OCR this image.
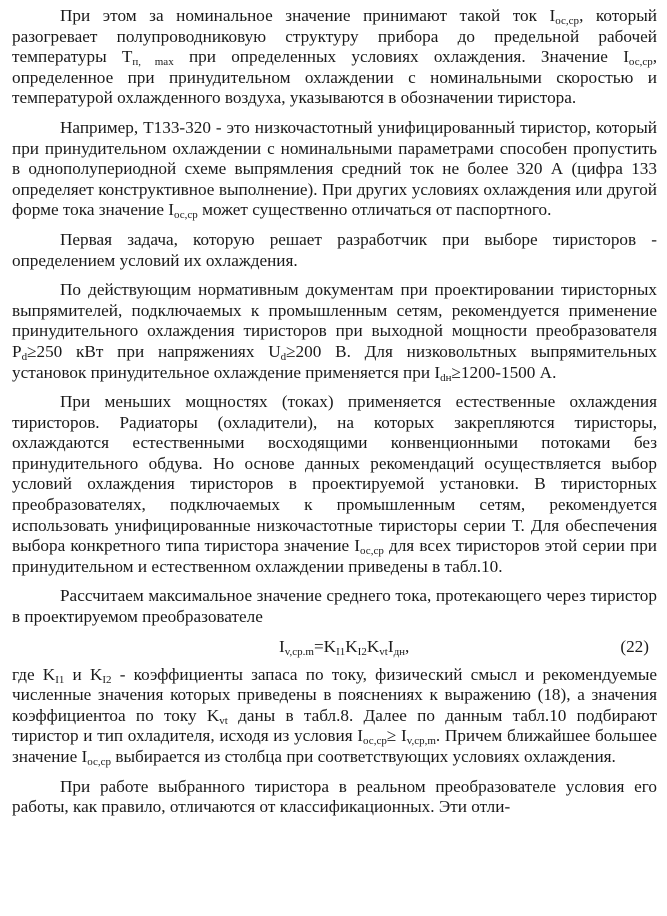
При этом за номинальное значение принимают такой ток $I_{ос,ср}$, который разогревает полупроводниковую структуру прибора до предельной рабочей температуры $Т_{п, max}$ при определенных условиях охлаждения. Значение $I_{ос,ср}$, определенное при принудительном охлаждении с номинальными скоростью и температурой охлажденного воздуха, указываются в обозначении тиристора.

Например, Т133-320 - это низкочастотный унифицированный тиристор, который при принудительном охлаждении с номинальными параметрами способен пропустить в однополупериодной схеме выпрямления средний ток не более 320 А (цифра 133 определяет конструктивное выполнение). При других условиях охлаждения или другой форме тока значение $I_{ос,ср}$ может существенно отличаться от паспортного.

Первая задача, которую решает разработчик при выборе тиристоров - определением условий их охлаждения.

По действующим нормативным документам при проектировании тиристорных выпрямителей, подключаемых к промышленным сетям, рекомендуется применение принудительного охлаждения тиристоров при выходной мощности преобразователя $P_d\ge 250$ кВт при напряжениях $U_d\ge 200$ В. Для низковольтных выпрямительных установок принудительное охлаждение применяется при $I_{dн}\ge 1200-1500$ А.

При меньших мощностях (токах) применяется естественные охлаждения тиристоров. Радиаторы (охладители), на которых закрепляются тиристоры, охлаждаются естественными восходящими конвенционными потоками без принудительного обдува. Но основе данных рекомендаций осуществляется выбор условий охлаждения тиристоров в проектируемой установки. В тиристорных преобразователях, подключаемых к промышленным сетям, рекомендуется использовать унифицированные низкочастотные тиристоры серии Т. Для обеспечения выбора конкретного типа тиристора значение $I_{ос,ср}$ для всех тиристоров этой серии при принудительном и естественном охлаждении приведены в табл.10.

Рассчитаем максимальное значение среднего тока, протекающего через тиристор в проектируемом преобразователе

$I_{v,ср.m}=K_{I1}K_{I2}K_{vt}I_{дн}$,	(22)

где $K_{I1}$ и $K_{I2}$ - коэффициенты запаса по току, физический смысл и рекомендуемые численные значения которых приведены в пояснениях к выражению (18), а значения коэффициентоа по току $K_{vt}$ даны в табл.8. Далее по данным табл.10 подбирают тиристор и тип охладителя, исходя из условия $I_{ос,ср}\ge I_{v,ср,m}$. Причем ближайшее большее значение $I_{ос,ср}$ выбирается из столбца при соответствующих условиях охлаждения.

При работе выбранного тиристора в реальном преобразователе условия его работы, как правило, отличаются от классификационных. Эти отли-
